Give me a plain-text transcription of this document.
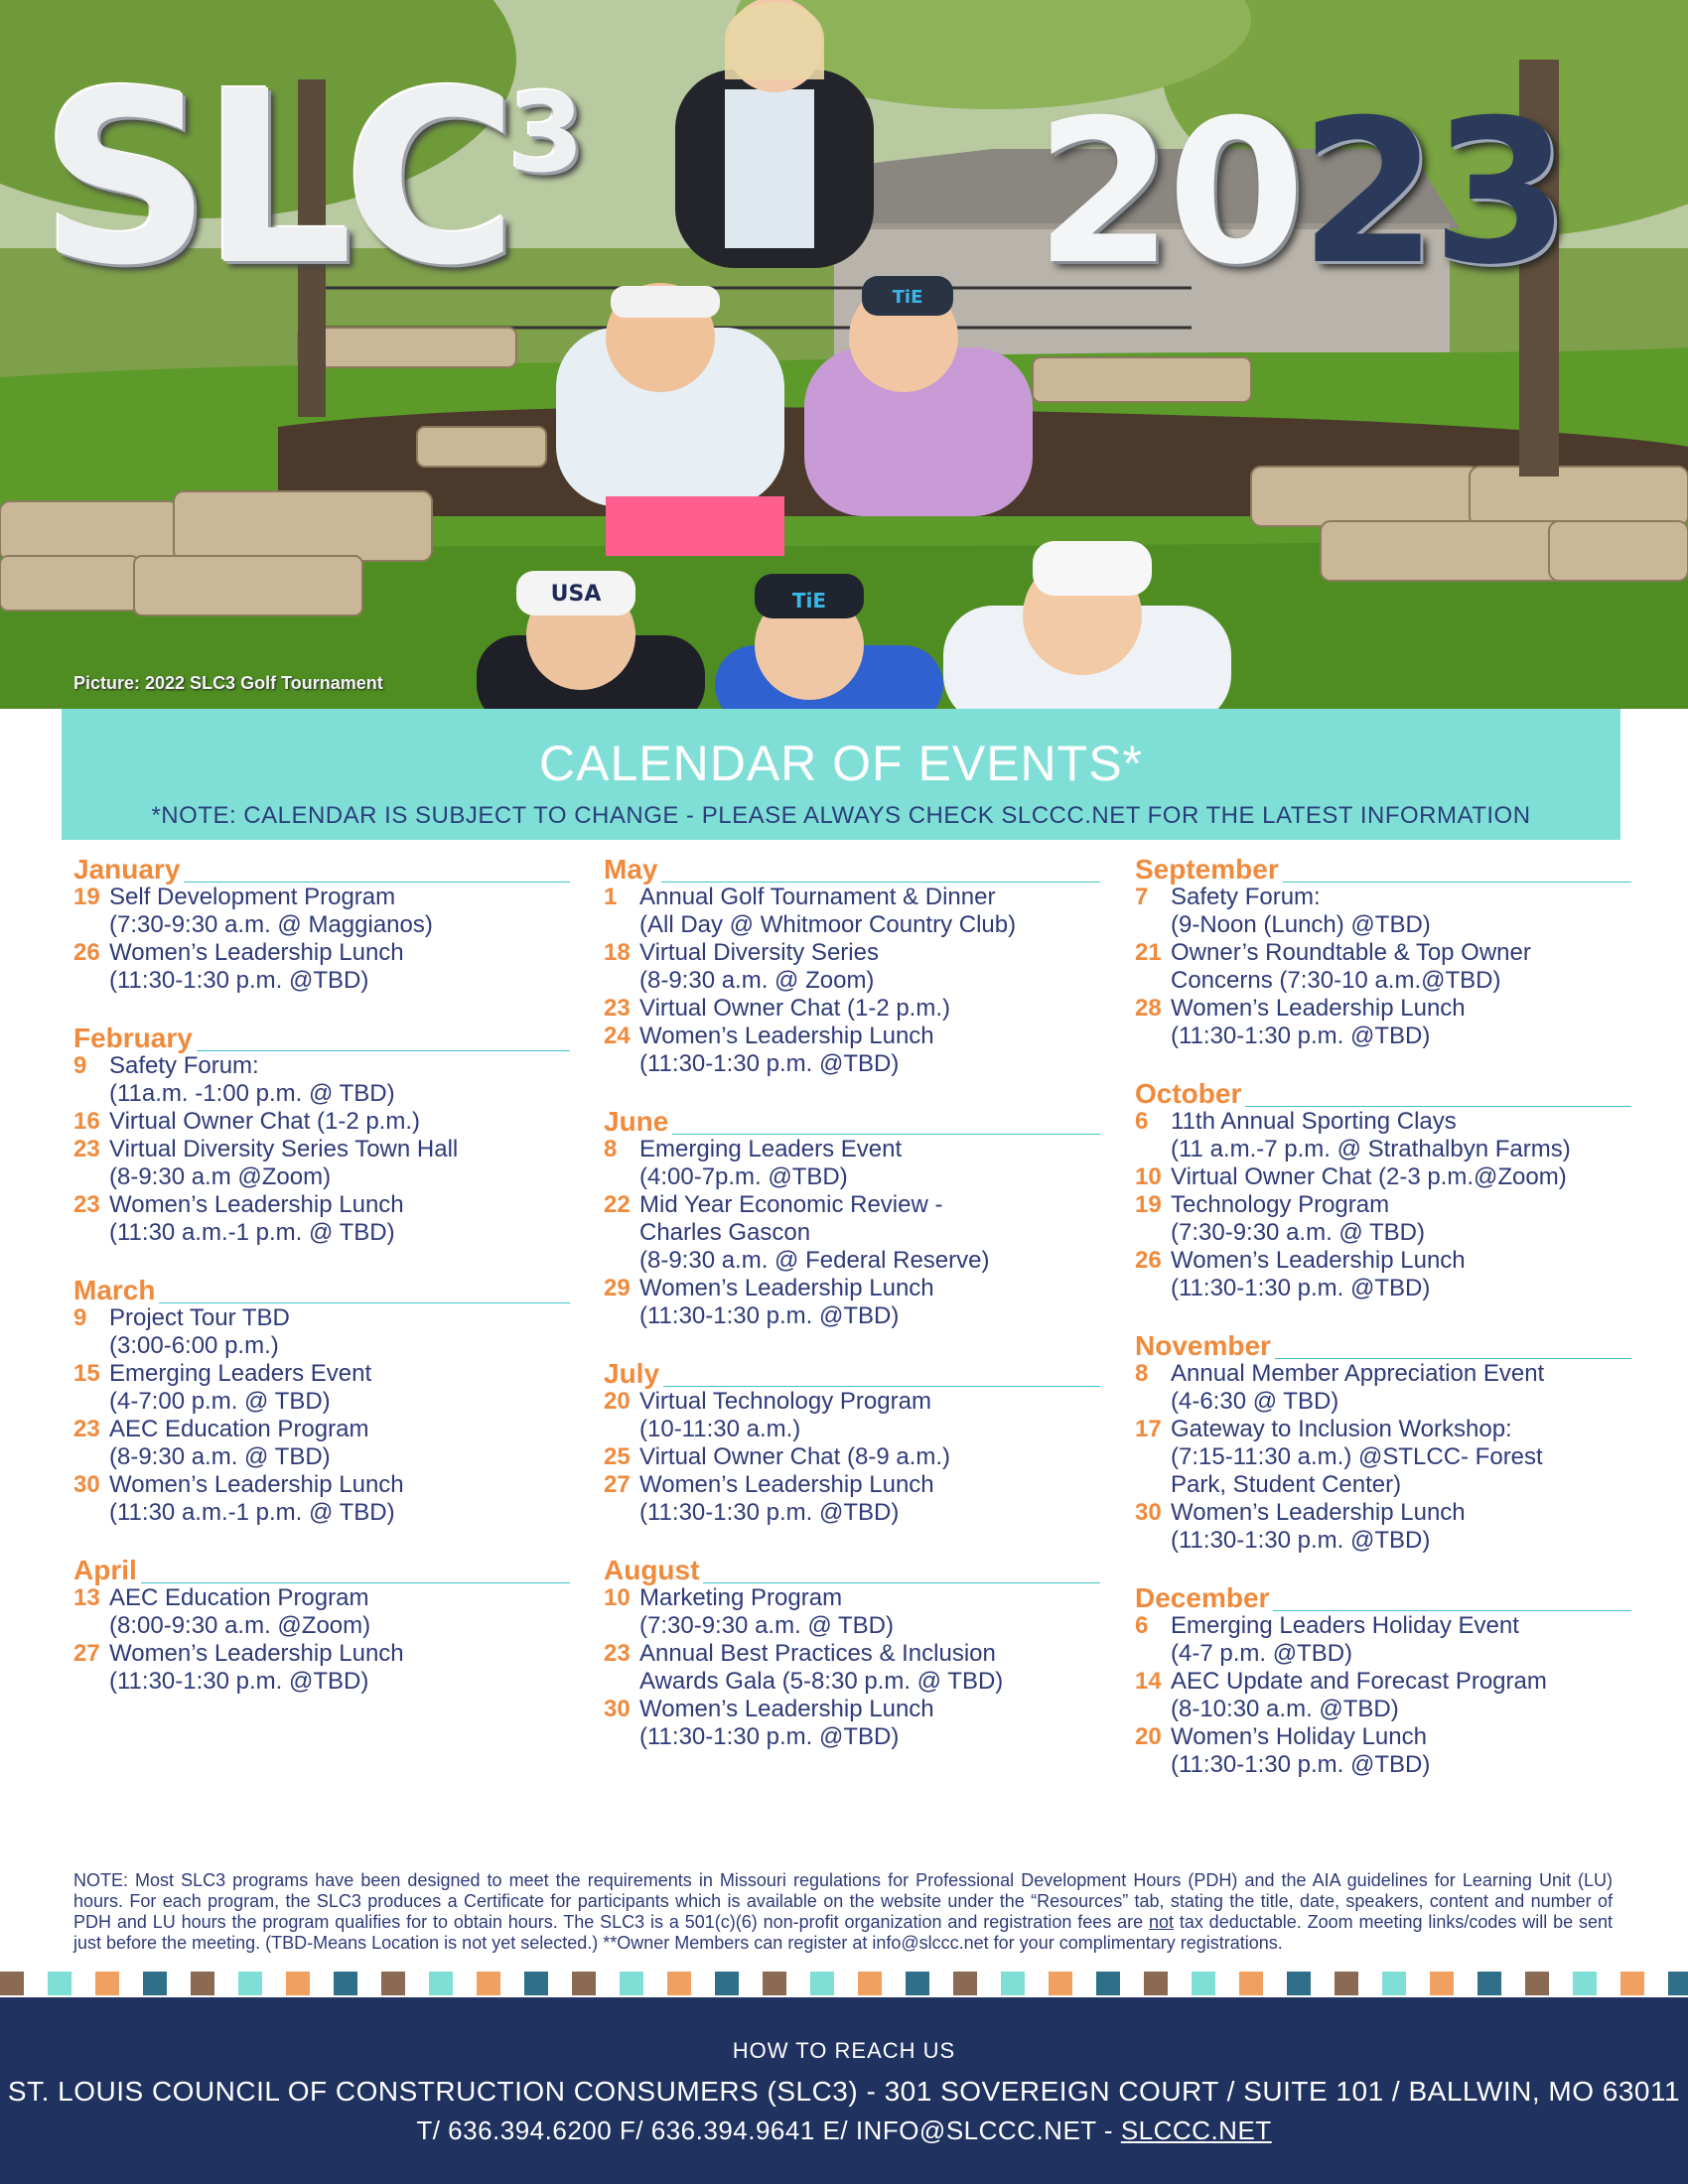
USA	TiE
TiE
SLC$^3$ 2023
Picture: 2022 SLC3 Golf Tournament
CALENDAR OF EVENTS*
*NOTE: CALENDAR IS SUBJECT TO CHANGE - PLEASE ALWAYS CHECK SLCCC.NET FOR THE LATEST INFORMATION
January
19 Self Development Program
(7:30-9:30 a.m. @ Maggianos)
26 Women’s Leadership Lunch
(11:30-1:30 p.m. @TBD)
February
9 Safety Forum:
(11a.m. -1:00 p.m. @ TBD)
16 Virtual Owner Chat (1-2 p.m.)
23 Virtual Diversity Series Town Hall
(8-9:30 a.m @Zoom)
23 Women’s Leadership Lunch
(11:30 a.m.-1 p.m. @ TBD)
March
9 Project Tour TBD
(3:00-6:00 p.m.)
15 Emerging Leaders Event
(4-7:00 p.m. @ TBD)
23 AEC Education Program
(8-9:30 a.m. @ TBD)
30 Women’s Leadership Lunch
(11:30 a.m.-1 p.m. @ TBD)
April
13 AEC Education Program
(8:00-9:30 a.m. @Zoom)
27 Women’s Leadership Lunch
(11:30-1:30 p.m. @TBD)
May
1 Annual Golf Tournament & Dinner
(All Day @ Whitmoor Country Club)
18 Virtual Diversity Series
(8-9:30 a.m. @ Zoom)
23 Virtual Owner Chat (1-2 p.m.)
24 Women’s Leadership Lunch
(11:30-1:30 p.m. @TBD)
June
8 Emerging Leaders Event
(4:00-7p.m. @TBD)
22 Mid Year Economic Review -
Charles Gascon
(8-9:30 a.m. @ Federal Reserve)
29 Women’s Leadership Lunch
(11:30-1:30 p.m. @TBD)
July
20 Virtual Technology Program
(10-11:30 a.m.)
25 Virtual Owner Chat (8-9 a.m.)
27 Women’s Leadership Lunch
(11:30-1:30 p.m. @TBD)
August
10 Marketing Program
(7:30-9:30 a.m. @ TBD)
23 Annual Best Practices & Inclusion
Awards Gala (5-8:30 p.m. @ TBD)
30 Women’s Leadership Lunch
(11:30-1:30 p.m. @TBD)
September
7 Safety Forum:
(9-Noon (Lunch) @TBD)
21 Owner’s Roundtable & Top Owner
Concerns (7:30-10 a.m.@TBD)
28 Women’s Leadership Lunch
(11:30-1:30 p.m. @TBD)
October
6 11th Annual Sporting Clays
(11 a.m.-7 p.m. @ Strathalbyn Farms)
10 Virtual Owner Chat (2-3 p.m.@Zoom)
19 Technology Program
(7:30-9:30 a.m. @ TBD)
26 Women’s Leadership Lunch
(11:30-1:30 p.m. @TBD)
November
8 Annual Member Appreciation Event
(4-6:30 @ TBD)
17 Gateway to Inclusion Workshop:
(7:15-11:30 a.m.) @STLCC- Forest
Park, Student Center)
30 Women’s Leadership Lunch
(11:30-1:30 p.m. @TBD)
December
6 Emerging Leaders Holiday Event
(4-7 p.m. @TBD)
14 AEC Update and Forecast Program
(8-10:30 a.m. @TBD)
20 Women’s Holiday Lunch
(11:30-1:30 p.m. @TBD)
NOTE: Most SLC3 programs have been designed to meet the requirements in Missouri regulations for Professional Development Hours (PDH) and the AIA guidelines for Learning Unit (LU) hours. For each program, the SLC3 produces a Certificate for participants which is available on the website under the “Resources” tab, stating the title, date, speakers, content and number of PDH and LU hours the program qualifies for to obtain hours. The SLC3 is a 501(c)(6) non-profit organization and registration fees are not tax deductable. Zoom meeting links/codes will be sent just before the meeting. (TBD-Means Location is not yet selected.) **Owner Members can register at info@slccc.net for your complimentary registrations.
HOW TO REACH US
ST. LOUIS COUNCIL OF CONSTRUCTION CONSUMERS (SLC3) - 301 SOVEREIGN COURT / SUITE 101 / BALLWIN, MO 63011
T/ 636.394.6200 F/ 636.394.9641 E/ INFO@SLCCC.NET - SLCCC.NET
